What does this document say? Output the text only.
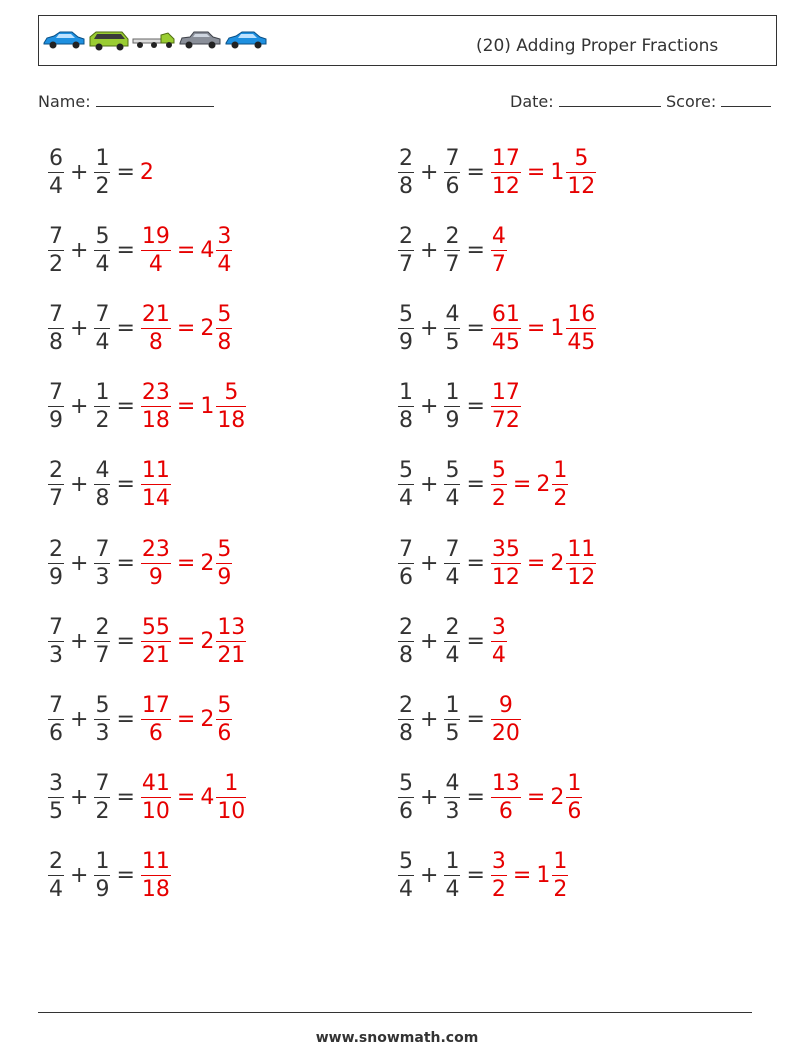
(20) Adding Proper Fractions
Name:	Date:	Score:
$\frac{6}{4} + \frac{1}{2} = 2$	$\frac{2}{8} + \frac{7}{6} = \frac{17}{12} = 1 \frac{5}{12}$
$\frac{7}{2} + \frac{5}{4} = \frac{19}{4} = 4 \frac{3}{4}$	$\frac{2}{7} + \frac{2}{7} = \frac{4}{7}$
$\frac{7}{8} + \frac{7}{4} = \frac{21}{8} = 2 \frac{5}{8}$	$\frac{5}{9} + \frac{4}{5} = \frac{61}{45} = 1 \frac{16}{45}$
$\frac{7}{9} + \frac{1}{2} = \frac{23}{18} = 1 \frac{5}{18}$	$\frac{1}{8} + \frac{1}{9} = \frac{17}{72}$
$\frac{2}{7} + \frac{4}{8} = \frac{11}{14}$	$\frac{5}{4} + \frac{5}{4} = \frac{5}{2} = 2 \frac{1}{2}$
$\frac{2}{9} + \frac{7}{3} = \frac{23}{9} = 2 \frac{5}{9}$	$\frac{7}{6} + \frac{7}{4} = \frac{35}{12} = 2 \frac{11}{12}$
$\frac{7}{3} + \frac{2}{7} = \frac{55}{21} = 2 \frac{13}{21}$	$\frac{2}{8} + \frac{2}{4} = \frac{3}{4}$
$\frac{7}{6} + \frac{5}{3} = \frac{17}{6} = 2 \frac{5}{6}$	$\frac{2}{8} + \frac{1}{5} = \frac{9}{20}$
$\frac{3}{5} + \frac{7}{2} = \frac{41}{10} = 4 \frac{1}{10}$	$\frac{5}{6} + \frac{4}{3} = \frac{13}{6} = 2 \frac{1}{6}$
$\frac{2}{4} + \frac{1}{9} = \frac{11}{18}$	$\frac{5}{4} + \frac{1}{4} = \frac{3}{2} = 1 \frac{1}{2}$
www.snowmath.com
